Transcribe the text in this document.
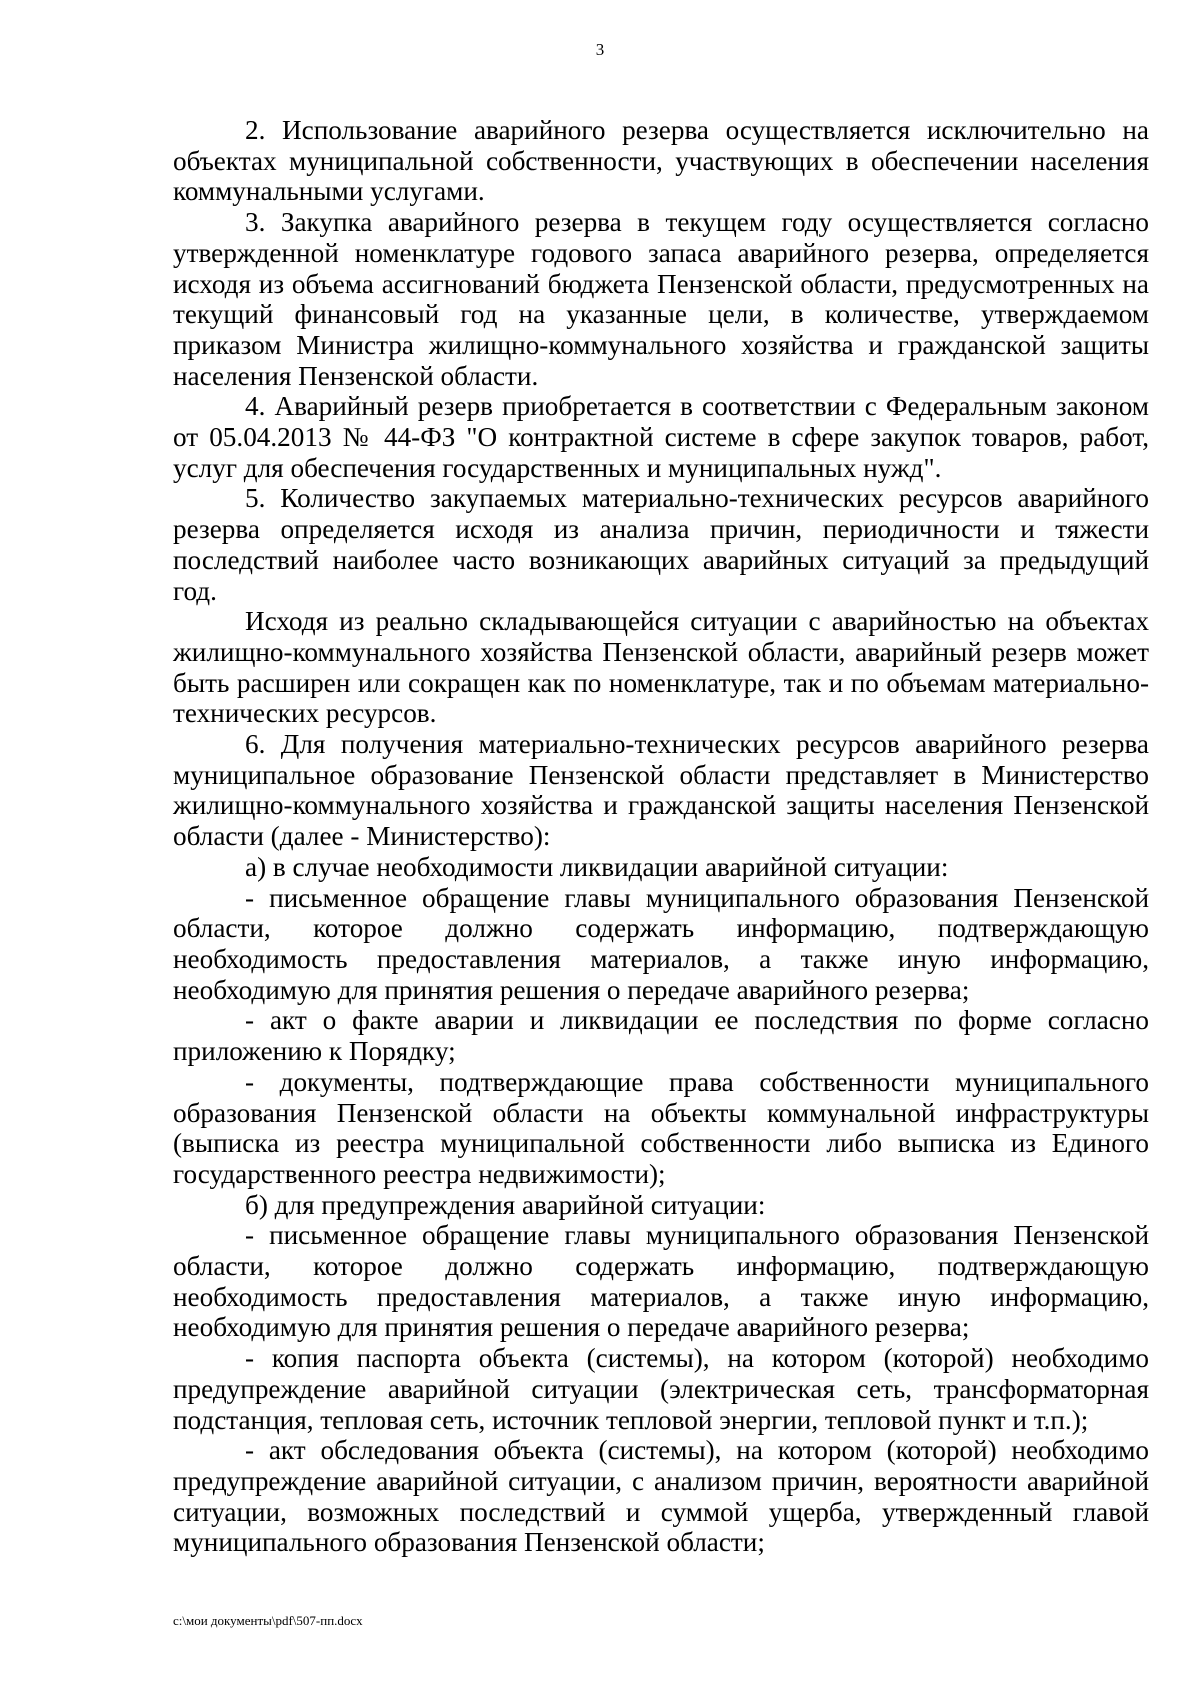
3

2. Использование аварийного резерва осуществляется исключительно на объектах муниципальной собственности, участвующих в обеспечении населения коммунальными услугами.

3. Закупка аварийного резерва в текущем году осуществляется согласно утвержденной номенклатуре годового запаса аварийного резерва, определяется исходя из объема ассигнований бюджета Пензенской области, предусмотренных на текущий финансовый год на указанные цели, в количестве, утверждаемом приказом Министра жилищно-коммунального хозяйства и гражданской защиты населения Пензенской области.

4. Аварийный резерв приобретается в соответствии с Федеральным законом от 05.04.2013 № 44-ФЗ "О контрактной системе в сфере закупок товаров, работ, услуг для обеспечения государственных и муниципальных нужд".

5. Количество закупаемых материально-технических ресурсов аварийного резерва определяется исходя из анализа причин, периодичности и тяжести последствий наиболее часто возникающих аварийных ситуаций за предыдущий год.

Исходя из реально складывающейся ситуации с аварийностью на объектах жилищно-коммунального хозяйства Пензенской области, аварийный резерв может быть расширен или сокращен как по номенклатуре, так и по объемам материально-технических ресурсов.

6. Для получения материально-технических ресурсов аварийного резерва муниципальное образование Пензенской области представляет в Министерство жилищно-коммунального хозяйства и гражданской защиты населения Пензенской области (далее - Министерство):

а) в случае необходимости ликвидации аварийной ситуации:

- письменное обращение главы муниципального образования Пензенской области, которое должно содержать информацию, подтверждающую необходимость предоставления материалов, а также иную информацию, необходимую для принятия решения о передаче аварийного резерва;

- акт о факте аварии и ликвидации ее последствия по форме согласно приложению к Порядку;

- документы, подтверждающие права собственности муниципального образования Пензенской области на объекты коммунальной инфраструктуры (выписка из реестра муниципальной собственности либо выписка из Единого государственного реестра недвижимости);

б) для предупреждения аварийной ситуации:

- письменное обращение главы муниципального образования Пензенской области, которое должно содержать информацию, подтверждающую необходимость предоставления материалов, а также иную информацию, необходимую для принятия решения о передаче аварийного резерва;

- копия паспорта объекта (системы), на котором (которой) необходимо предупреждение аварийной ситуации (электрическая сеть, трансформаторная подстанция, тепловая сеть, источник тепловой энергии, тепловой пункт и т.п.);

- акт обследования объекта (системы), на котором (которой) необходимо предупреждение аварийной ситуации, с анализом причин, вероятности аварийной ситуации, возможных последствий и суммой ущерба, утвержденный главой муниципального образования Пензенской области;

c:\мои документы\pdf\507-пп.docx
